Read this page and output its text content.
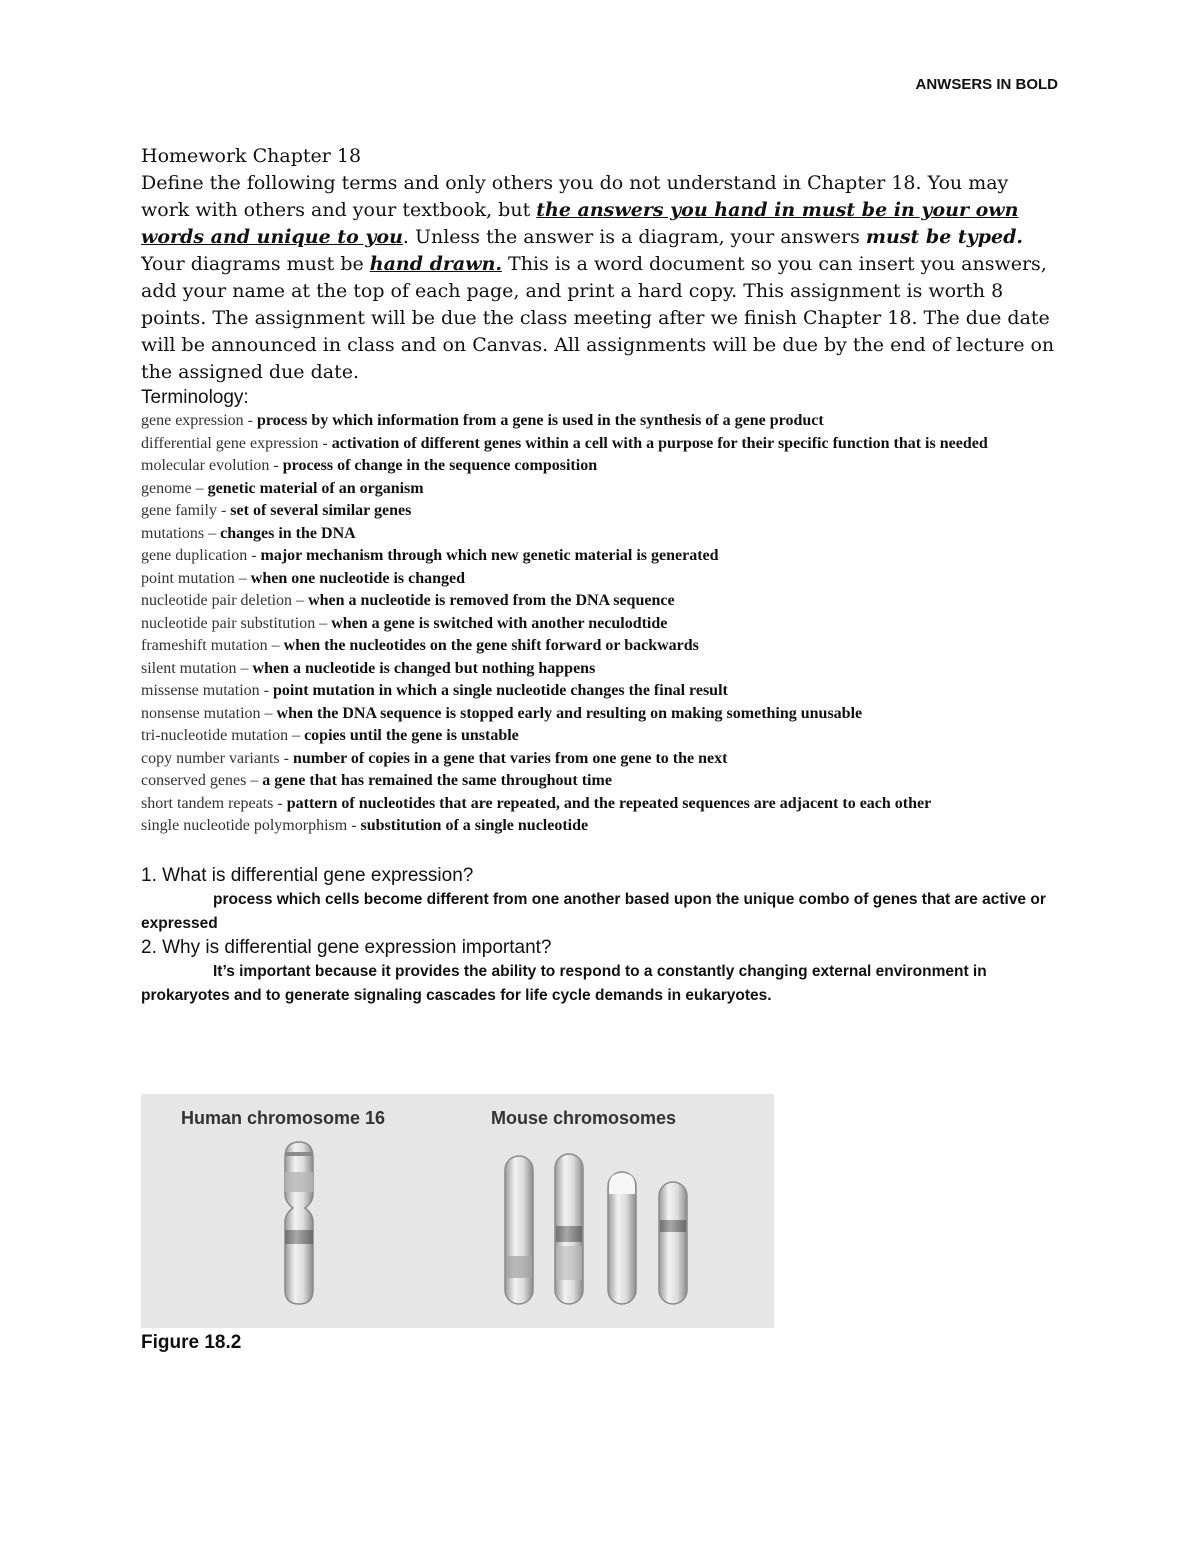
ANWSERS IN BOLD

Homework Chapter 18

Define the following terms and only others you do not understand in Chapter 18. You may work with others and your textbook, but the answers you hand in must be in your own words and unique to you. Unless the answer is a diagram, your answers must be typed. Your diagrams must be hand drawn. This is a word document so you can insert you answers, add your name at the top of each page, and print a hard copy. This assignment is worth 8 points. The assignment will be due the class meeting after we finish Chapter 18. The due date will be announced in class and on Canvas. All assignments will be due by the end of lecture on the assigned due date.

Terminology:

gene expression - process by which information from a gene is used in the synthesis of a gene product
differential gene expression - activation of different genes within a cell with a purpose for their specific function that is needed
molecular evolution - process of change in the sequence composition
genome – genetic material of an organism
gene family - set of several similar genes
mutations – changes in the DNA
gene duplication - major mechanism through which new genetic material is generated
point mutation – when one nucleotide is changed
nucleotide pair deletion – when a nucleotide is removed from the DNA sequence
nucleotide pair substitution – when a gene is switched with another neculodtide
frameshift mutation – when the nucleotides on the gene shift forward or backwards
silent mutation – when a nucleotide is changed but nothing happens
missense mutation - point mutation in which a single nucleotide changes the final result
nonsense mutation – when the DNA sequence is stopped early and resulting on making something unusable
tri-nucleotide mutation – copies until the gene is unstable
copy number variants - number of copies in a gene that varies from one gene to the next
conserved genes – a gene that has remained the same throughout time
short tandem repeats - pattern of nucleotides that are repeated, and the repeated sequences are adjacent to each other
single nucleotide polymorphism - substitution of a single nucleotide

1. What is differential gene expression?

process which cells become different from one another based upon the unique combo of genes that are active or expressed

2. Why is differential gene expression important?

It’s important because it provides the ability to respond to a constantly changing external environment in prokaryotes and to generate signaling cascades for life cycle demands in eukaryotes.

Human chromosome 16	Mouse chromosomes
Figure 18.2
